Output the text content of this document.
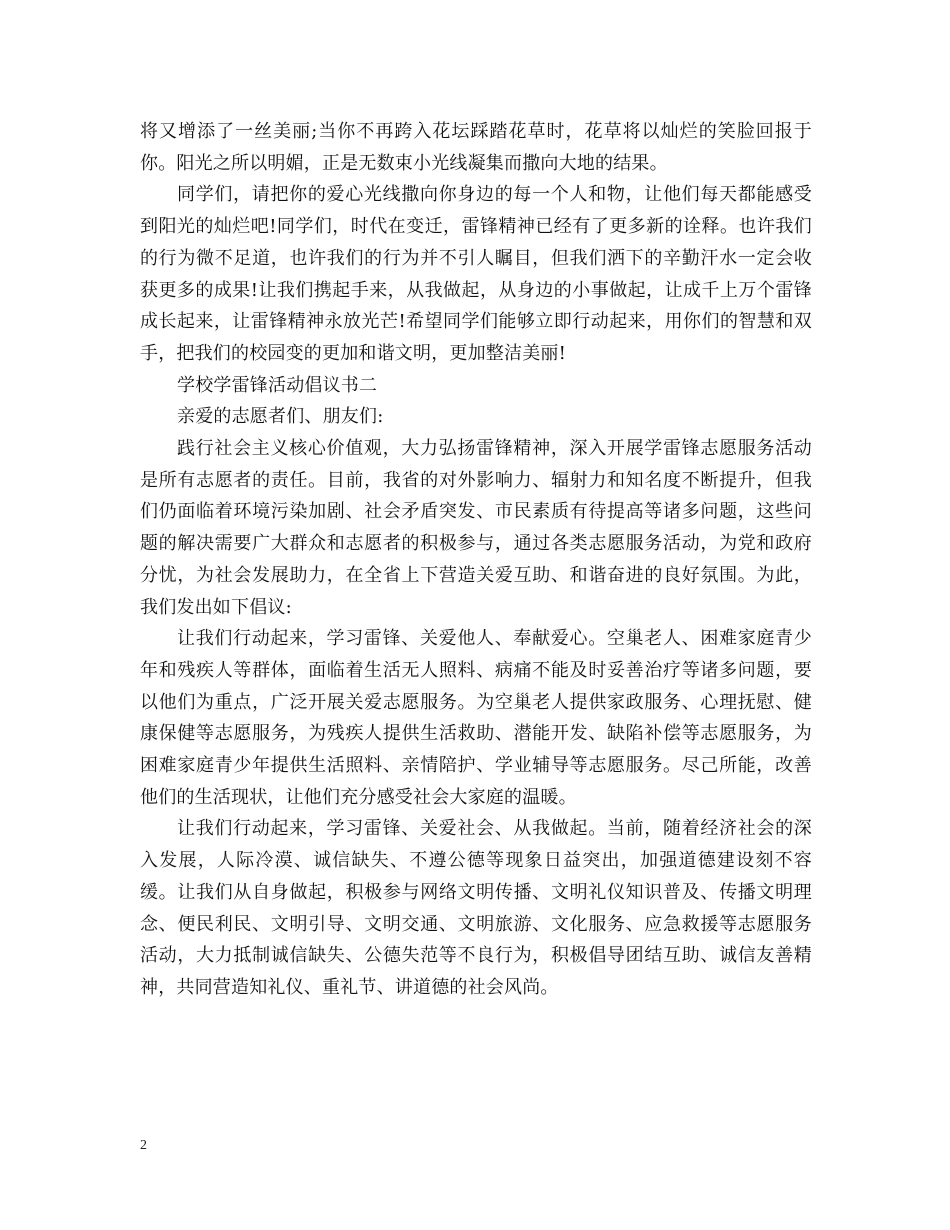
将又增添了一丝美丽;当你不再跨入花坛踩踏花草时，花草将以灿烂的笑脸回报于你。阳光之所以明媚，正是无数束小光线凝集而撒向大地的结果。

同学们，请把你的爱心光线撒向你身边的每一个人和物，让他们每天都能感受到阳光的灿烂吧!同学们，时代在变迁，雷锋精神已经有了更多新的诠释。也许我们的行为微不足道，也许我们的行为并不引人瞩目，但我们洒下的辛勤汗水一定会收获更多的成果!让我们携起手来，从我做起，从身边的小事做起，让成千上万个雷锋成长起来，让雷锋精神永放光芒!希望同学们能够立即行动起来，用你们的智慧和双手，把我们的校园变的更加和谐文明，更加整洁美丽!

学校学雷锋活动倡议书二

亲爱的志愿者们、朋友们:

践行社会主义核心价值观，大力弘扬雷锋精神，深入开展学雷锋志愿服务活动是所有志愿者的责任。目前，我省的对外影响力、辐射力和知名度不断提升，但我们仍面临着环境污染加剧、社会矛盾突发、市民素质有待提高等诸多问题，这些问题的解决需要广大群众和志愿者的积极参与，通过各类志愿服务活动，为党和政府分忧，为社会发展助力，在全省上下营造关爱互助、和谐奋进的良好氛围。为此，我们发出如下倡议:

让我们行动起来，学习雷锋、关爱他人、奉献爱心。空巢老人、困难家庭青少年和残疾人等群体，面临着生活无人照料、病痛不能及时妥善治疗等诸多问题，要以他们为重点，广泛开展关爱志愿服务。为空巢老人提供家政服务、心理抚慰、健康保健等志愿服务，为残疾人提供生活救助、潜能开发、缺陷补偿等志愿服务，为困难家庭青少年提供生活照料、亲情陪护、学业辅导等志愿服务。尽己所能，改善他们的生活现状，让他们充分感受社会大家庭的温暖。

让我们行动起来，学习雷锋、关爱社会、从我做起。当前，随着经济社会的深入发展，人际冷漠、诚信缺失、不遵公德等现象日益突出，加强道德建设刻不容缓。让我们从自身做起，积极参与网络文明传播、文明礼仪知识普及、传播文明理念、便民利民、文明引导、文明交通、文明旅游、文化服务、应急救援等志愿服务活动，大力抵制诚信缺失、公德失范等不良行为，积极倡导团结互助、诚信友善精神，共同营造知礼仪、重礼节、讲道德的社会风尚。

2
